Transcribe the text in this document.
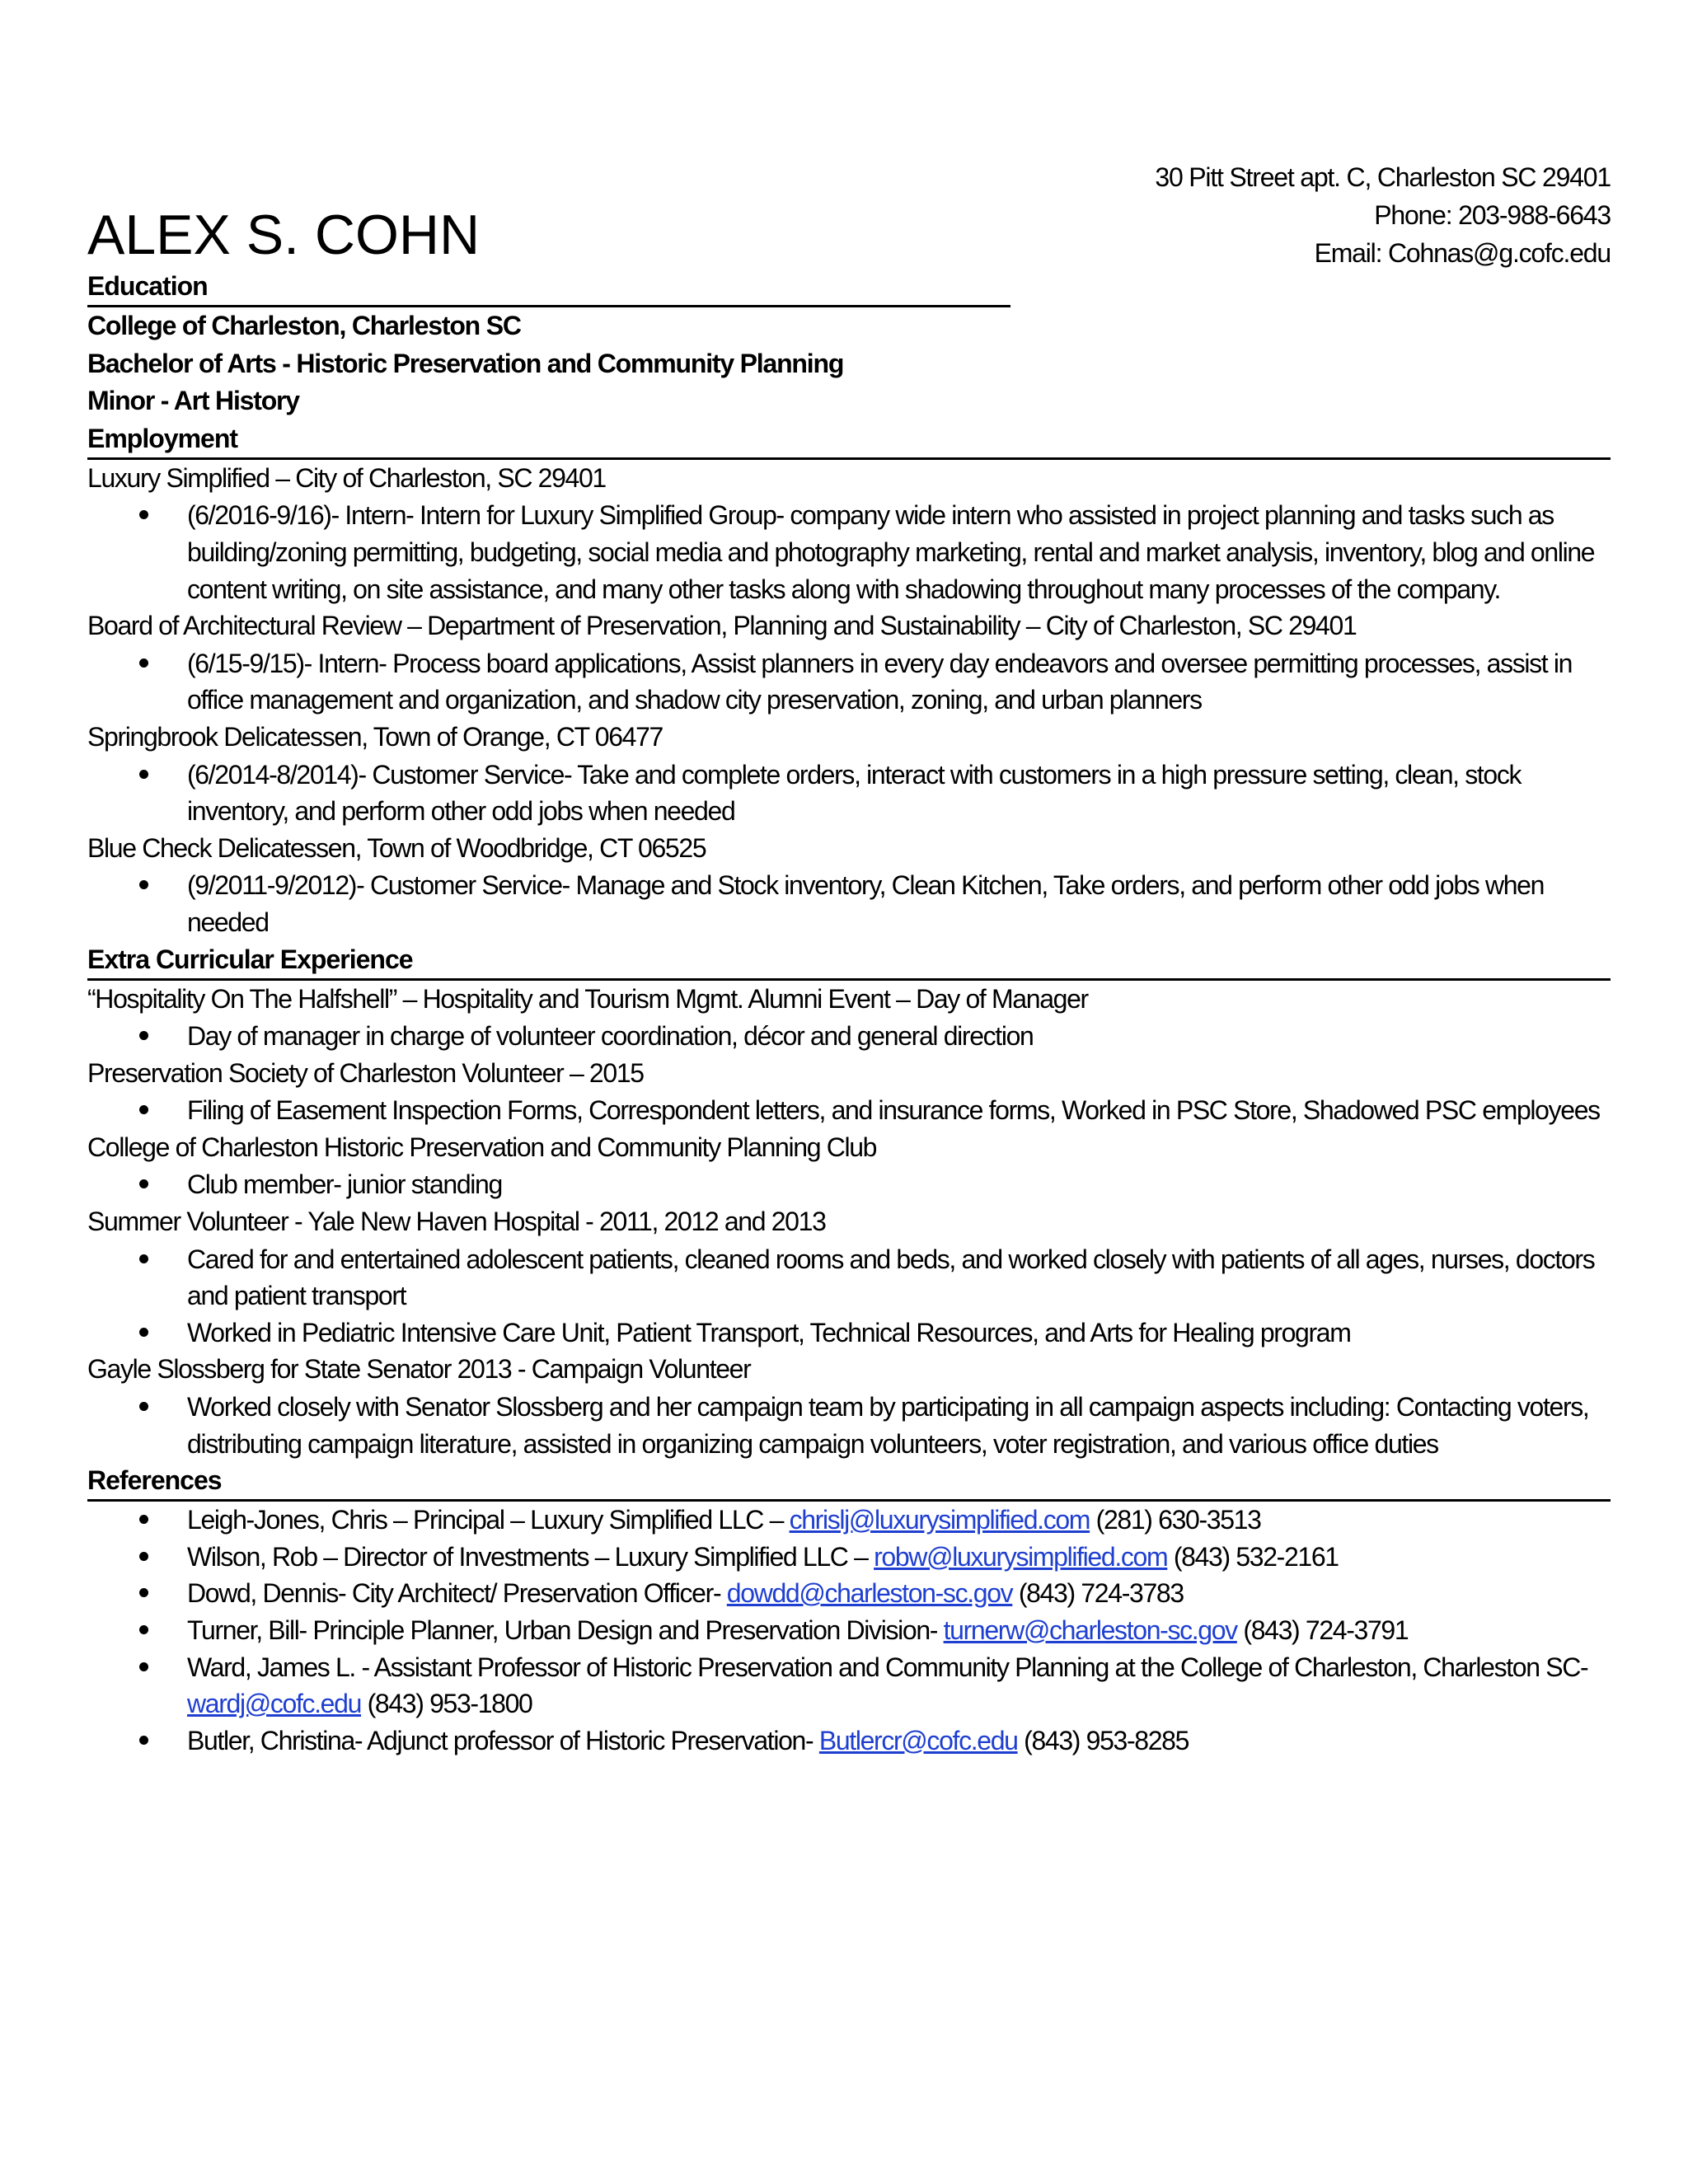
30 Pitt Street apt. C, Charleston SC 29401
Phone: 203-988-6643
Email: Cohnas@g.cofc.edu
ALEX S. COHN
Education
College of Charleston, Charleston SC
Bachelor of Arts - Historic Preservation and Community Planning
Minor - Art History
Employment
Luxury Simplified – City of Charleston, SC 29401
(6/2016-9/16)- Intern- Intern for Luxury Simplified Group- company wide intern who assisted in project planning and tasks such as building/zoning permitting, budgeting, social media and photography marketing, rental and market analysis, inventory, blog and online content writing, on site assistance, and many other tasks along with shadowing throughout many processes of the company.
Board of Architectural Review – Department of Preservation, Planning and Sustainability – City of Charleston, SC 29401
(6/15-9/15)- Intern- Process board applications, Assist planners in every day endeavors and oversee permitting processes, assist in office management and organization, and shadow city preservation, zoning, and urban planners
Springbrook Delicatessen, Town of Orange, CT 06477
(6/2014-8/2014)- Customer Service- Take and complete orders, interact with customers in a high pressure setting, clean, stock inventory, and perform other odd jobs when needed
Blue Check Delicatessen, Town of Woodbridge, CT 06525
(9/2011-9/2012)- Customer Service- Manage and Stock inventory, Clean Kitchen, Take orders, and perform other odd jobs when needed
Extra Curricular Experience
“Hospitality On The Halfshell” – Hospitality and Tourism Mgmt. Alumni Event – Day of Manager
Day of manager in charge of volunteer coordination, décor and general direction
Preservation Society of Charleston Volunteer – 2015
Filing of Easement Inspection Forms, Correspondent letters, and insurance forms, Worked in PSC Store, Shadowed PSC employees
College of Charleston Historic Preservation and Community Planning Club
Club member- junior standing
Summer Volunteer - Yale New Haven Hospital - 2011, 2012 and 2013
Cared for and entertained adolescent patients, cleaned rooms and beds, and worked closely with patients of all ages, nurses, doctors and patient transport
Worked in Pediatric Intensive Care Unit, Patient Transport, Technical Resources, and Arts for Healing program
Gayle Slossberg for State Senator 2013 - Campaign Volunteer
Worked closely with Senator Slossberg and her campaign team by participating in all campaign aspects including: Contacting voters, distributing campaign literature, assisted in organizing campaign volunteers, voter registration, and various office duties
References
Leigh-Jones, Chris – Principal – Luxury Simplified LLC – chrislj@luxurysimplified.com (281) 630-3513
Wilson, Rob – Director of Investments – Luxury Simplified LLC – robw@luxurysimplified.com (843) 532-2161
Dowd, Dennis- City Architect/ Preservation Officer- dowdd@charleston-sc.gov (843) 724-3783
Turner, Bill- Principle Planner, Urban Design and Preservation Division- turnerw@charleston-sc.gov (843) 724-3791
Ward, James L. - Assistant Professor of Historic Preservation and Community Planning at the College of Charleston, Charleston SC- wardj@cofc.edu (843) 953-1800
Butler, Christina- Adjunct professor of Historic Preservation- Butlercr@cofc.edu (843) 953-8285
